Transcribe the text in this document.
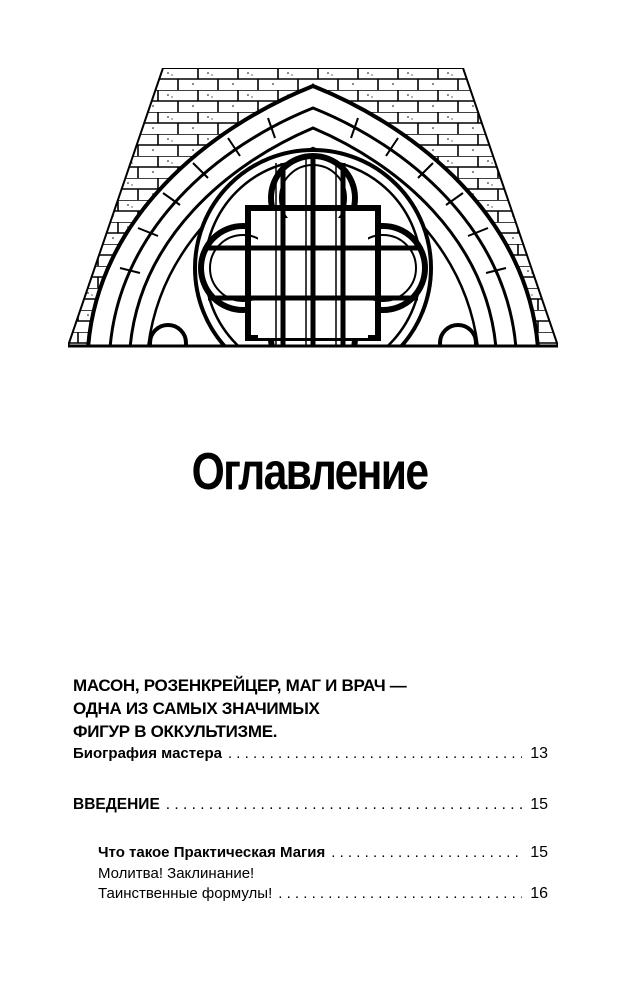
Оглавление
МАСОН, РОЗЕНКРЕЙЦЕР, МАГ И ВРАЧ —
ОДНА ИЗ САМЫХ ЗНАЧИМЫХ
ФИГУР В ОККУЛЬТИЗМЕ.
Биография мастера . . .	13
ВВЕДЕНИЕ . . .	15
Что такое Практическая Магия . . .	15
Молитва! Заклинание!
Таинственные формулы! . . .	16
